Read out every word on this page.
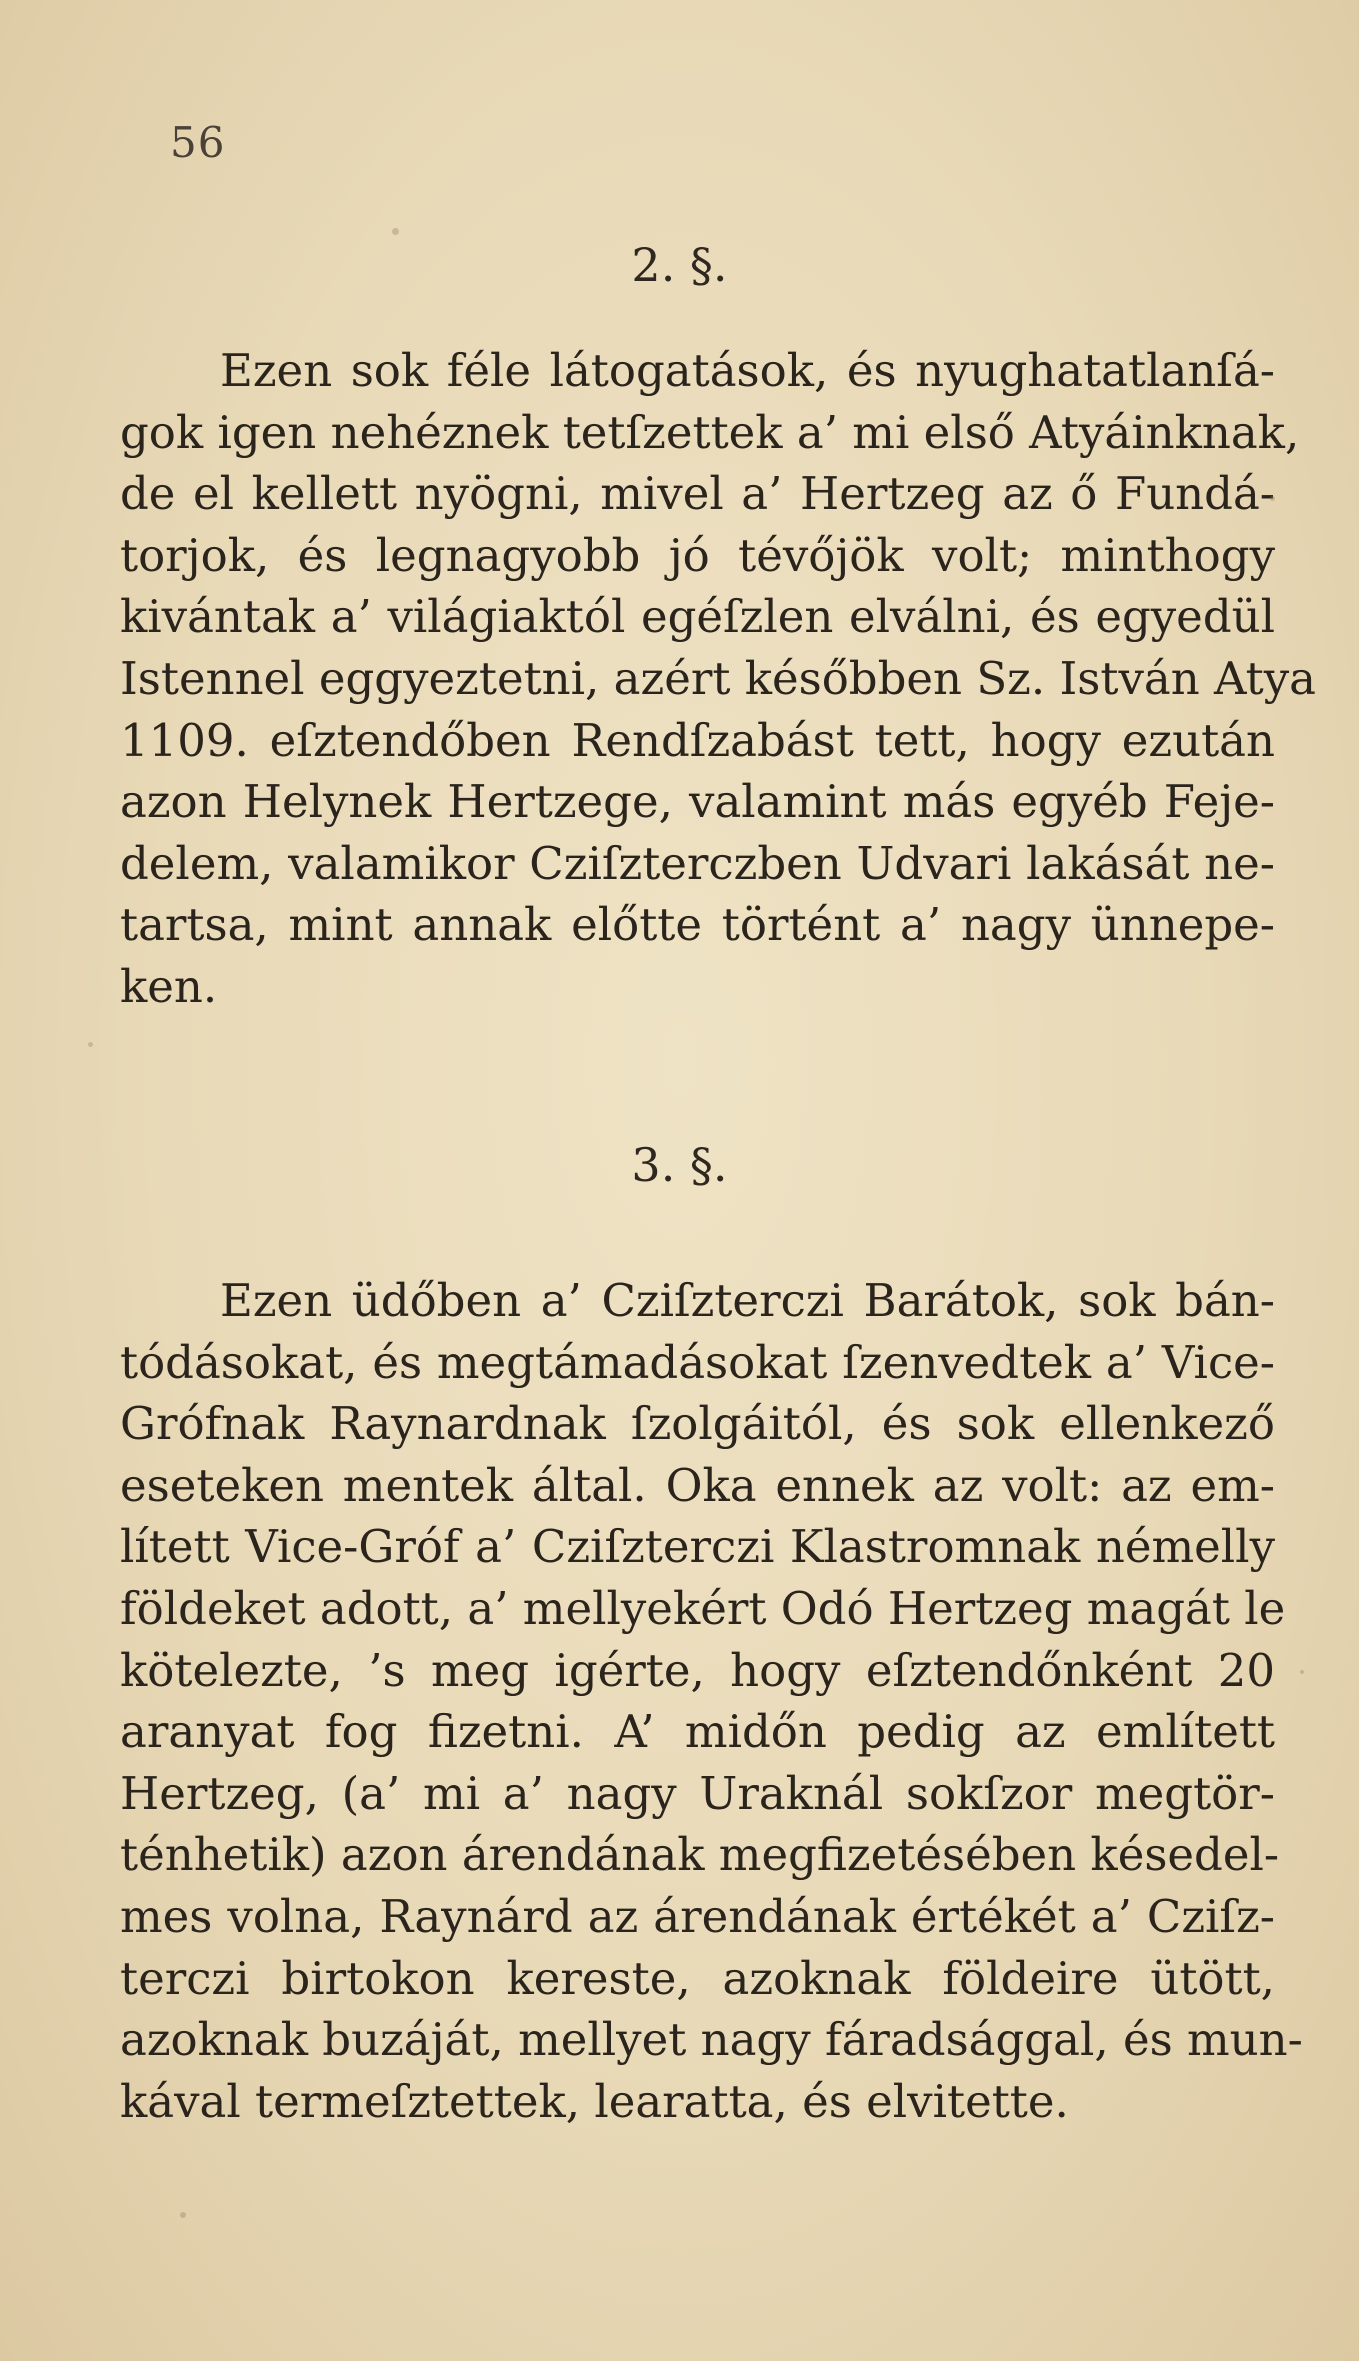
56
2. §.
Ezen sok féle látogatások, és nyughatatlanſá-
gok igen nehéznek tetſzettek a’ mi első Atyáinknak,
de el kellett nyögni, mivel a’ Hertzeg az ő Fundá-
torjok, és legnagyobb jó tévőjök volt; minthogy
kivántak a’ világiaktól egéſzlen elválni, és egyedül
Istennel eggyeztetni, azért későbben Sz. István Atya
1109. eſztendőben Rendſzabást tett, hogy ezután
azon Helynek Hertzege, valamint más egyéb Feje-
delem, valamikor Cziſzterczben Udvari lakását ne-
tartsa, mint annak előtte történt a’ nagy ünnepe-
ken.
3. §.
Ezen üdőben a’ Cziſzterczi Barátok, sok bán-
tódásokat, és megtámadásokat ſzenvedtek a’ Vice-
Grófnak Raynardnak ſzolgáitól, és sok ellenkező
eseteken mentek által. Oka ennek az volt: az em-
lített Vice-Gróf a’ Cziſzterczi Klastromnak némelly
földeket adott, a’ mellyekért Odó Hertzeg magát le
kötelezte, ’s meg igérte, hogy eſztendőnként 20
aranyat fog fizetni. A’ midőn pedig az említett
Hertzeg, (a’ mi a’ nagy Uraknál sokſzor megtör-
ténhetik) azon árendának megfizetésében késedel-
mes volna, Raynárd az árendának értékét a’ Cziſz-
terczi birtokon kereste, azoknak földeire ütött,
azoknak buzáját, mellyet nagy fáradsággal, és mun-
kával termeſztettek, learatta, és elvitette.
